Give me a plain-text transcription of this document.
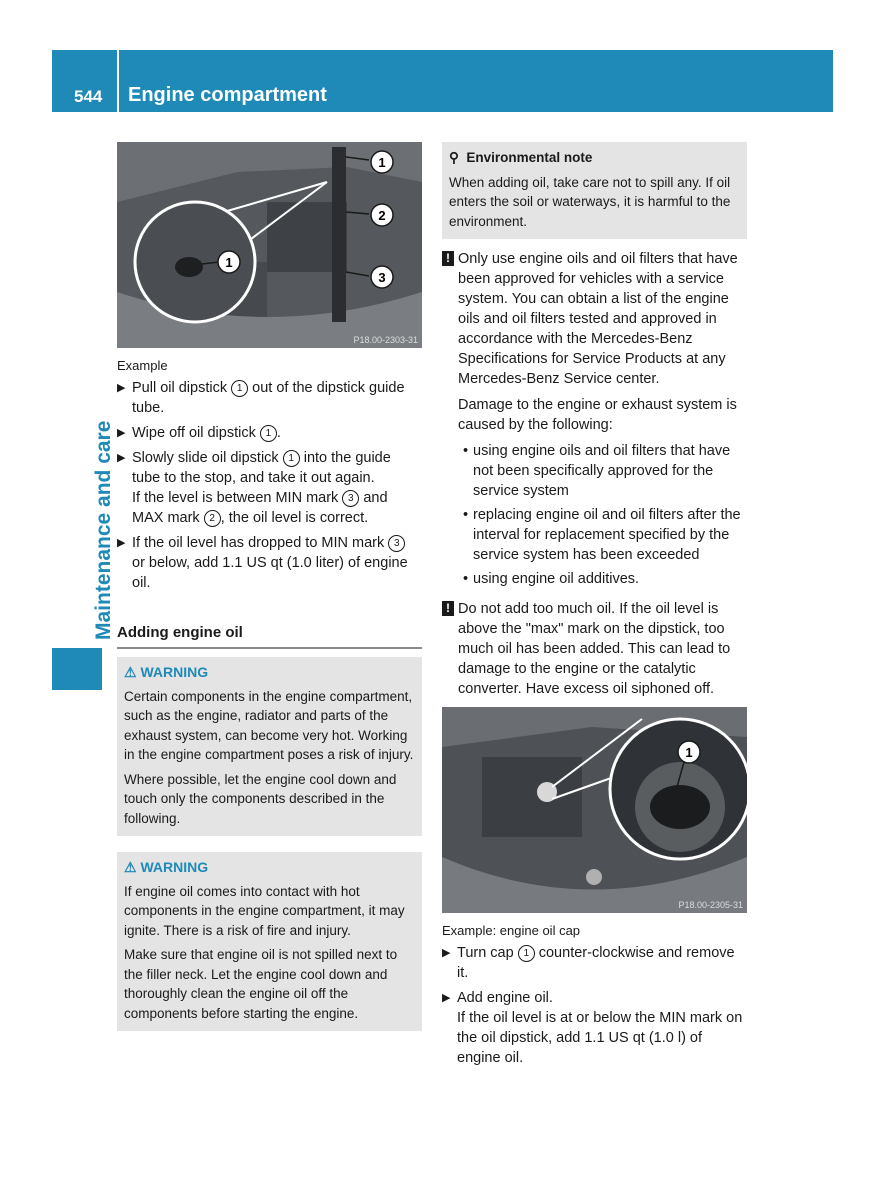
544 Engine compartment
Maintenance and care
1
2
3
1
P18.00-2303-31
Example
▶ Pull oil dipstick 1 out of the dipstick guide tube.
▶ Wipe off oil dipstick 1 .
▶ Slowly slide oil dipstick 1 into the guide tube to the stop, and take it out again.
If the level is between MIN mark 3 and MAX mark 2 , the oil level is correct.
▶ If the oil level has dropped to MIN mark 3 or below, add 1.1 US qt (1.0 liter) of engine oil.
Adding engine oil
⚠ WARNING

Certain components in the engine compartment, such as the engine, radiator and parts of the exhaust system, can become very hot. Working in the engine compartment poses a risk of injury.

Where possible, let the engine cool down and touch only the components described in the following.

⚠ WARNING

If engine oil comes into contact with hot components in the engine compartment, it may ignite. There is a risk of fire and injury.

Make sure that engine oil is not spilled next to the filler neck. Let the engine cool down and thoroughly clean the engine oil off the components before starting the engine.

⚲ Environmental note
When adding oil, take care not to spill any. If oil enters the soil or waterways, it is harmful to the environment.
! Only use engine oils and oil filters that have been approved for vehicles with a service system. You can obtain a list of the engine oils and oil filters tested and approved in accordance with the Mercedes-Benz Specifications for Service Products at any Mercedes-Benz Service center.

Damage to the engine or exhaust system is caused by the following:

• using engine oils and oil filters that have not been specifically approved for the service system
• replacing engine oil and oil filters after the interval for replacement specified by the service system has been exceeded
• using engine oil additives.
! Do not add too much oil. If the oil level is above the "max" mark on the dipstick, too much oil has been added. This can lead to damage to the engine or the catalytic converter. Have excess oil siphoned off.

1
P18.00-2305-31
Example: engine oil cap
▶ Turn cap 1 counter-clockwise and remove it.
▶ Add engine oil.
If the oil level is at or below the MIN mark on the oil dipstick, add 1.1 US qt (1.0 l) of engine oil.
